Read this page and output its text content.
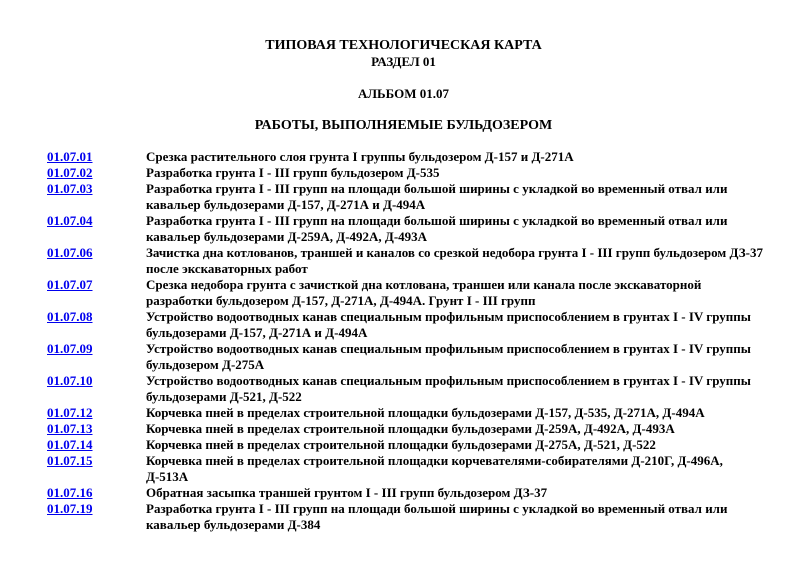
ТИПОВАЯ ТЕХНОЛОГИЧЕСКАЯ КАРТА
РАЗДЕЛ 01
АЛЬБОМ 01.07
РАБОТЫ, ВЫПОЛНЯЕМЫЕ БУЛЬДОЗЕРОМ
01.07.01	Срезка растительного слоя грунта I группы бульдозером Д-157 и Д-271А
01.07.02	Разработка грунта I - III групп бульдозером Д-535
01.07.03	Разработка грунта I - III групп на площади большой ширины с укладкой во временный отвал или кавальер бульдозерами Д-157, Д-271А и Д-494А
01.07.04	Разработка грунта I - III групп на площади большой ширины с укладкой во временный отвал или кавальер бульдозерами Д-259А, Д-492А, Д-493А
01.07.06	Зачистка дна котлованов, траншей и каналов со срезкой недобора грунта I - III групп бульдозером ДЗ-37 после экскаваторных работ
01.07.07	Срезка недобора грунта с зачисткой дна котлована, траншеи или канала после экскаваторной разработки бульдозером Д-157, Д-271А, Д-494А. Грунт I - III групп
01.07.08	Устройство водоотводных канав специальным профильным приспособлением в грунтах I - IV группы бульдозерами Д-157, Д-271А и Д-494А
01.07.09	Устройство водоотводных канав специальным профильным приспособлением в грунтах I - IV группы бульдозером Д-275А
01.07.10	Устройство водоотводных канав специальным профильным приспособлением в грунтах I - IV группы бульдозерами Д-521, Д-522
01.07.12	Корчевка пней в пределах строительной площадки бульдозерами Д-157, Д-535, Д-271А, Д-494А
01.07.13	Корчевка пней в пределах строительной площадки бульдозерами Д-259А, Д-492А, Д-493А
01.07.14	Корчевка пней в пределах строительной площадки бульдозерами Д-275А, Д-521, Д-522
01.07.15	Корчевка пней в пределах строительной площадки корчевателями-собирателями Д-210Г, Д-496А, Д-513А
01.07.16	Обратная засыпка траншей грунтом I - III групп бульдозером ДЗ-37
01.07.19	Разработка грунта I - III групп на площади большой ширины с укладкой во временный отвал или кавальер бульдозерами Д-384
